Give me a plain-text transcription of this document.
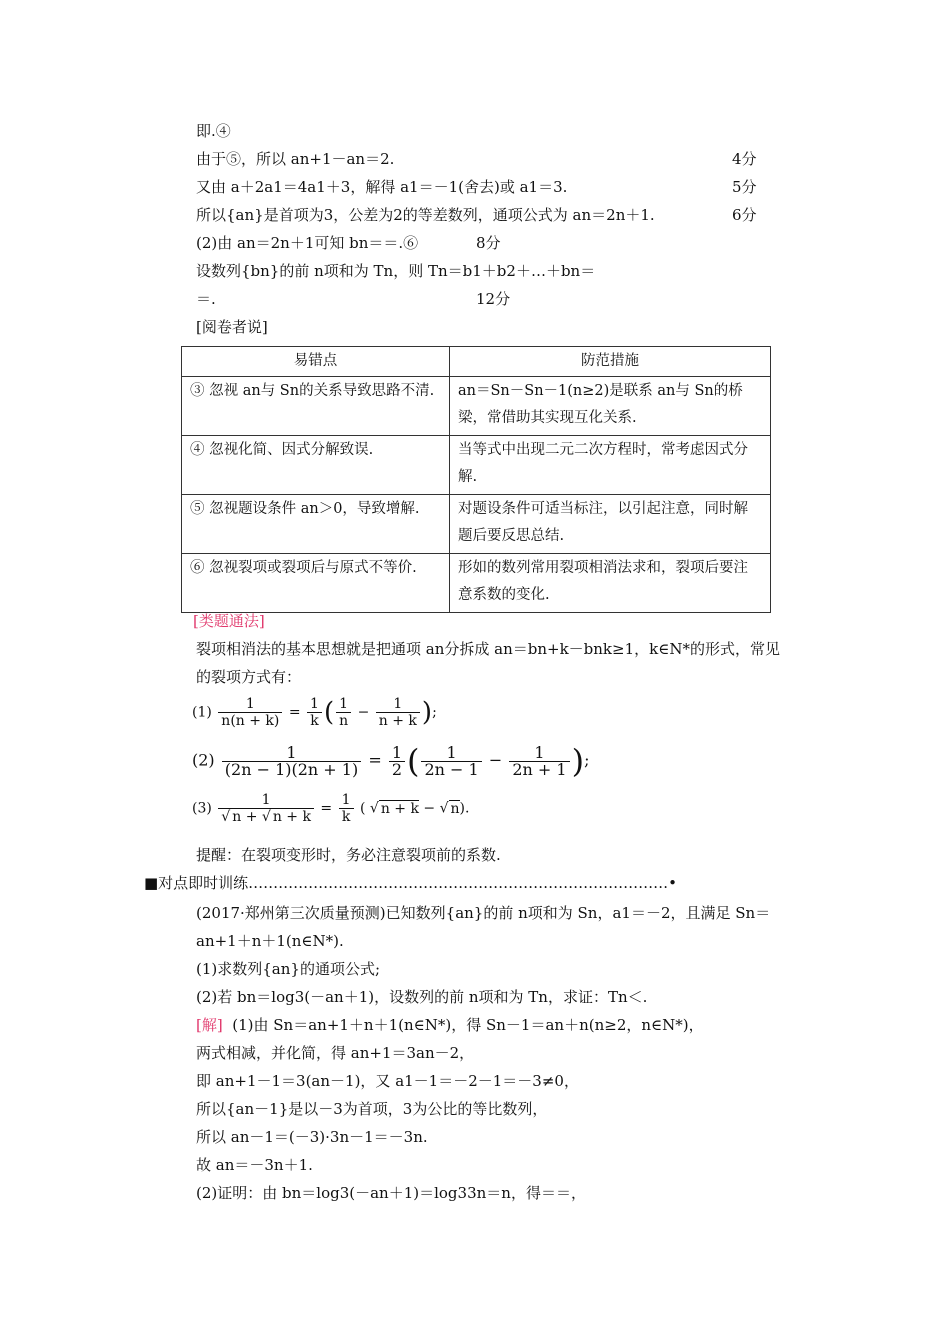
即.④
由于⑤，所以 an+1－an＝2.	4分
又由 a＋2a1＝4a1＋3，解得 a1＝－1(舍去)或 a1＝3.	5分
所以{an}是首项为3，公差为2的等差数列，通项公式为 an＝2n＋1.	6分
(2)由 an＝2n＋1可知 bn＝＝.⑥	8分
设数列{bn}的前 n项和为 Tn，则 Tn＝b1＋b2＋…＋bn＝
＝.	12分
[阅卷者说]
易错点	防范措施
③ 忽视 an与 Sn的关系导致思路不清.	an＝Sn－Sn－1(n≥2)是联系 an与 Sn的桥梁，常借助其实现互化关系.
④ 忽视化简、因式分解致误.	当等式中出现二元二次方程时，常考虑因式分解.
⑤ 忽视题设条件 an＞0，导致增解.	对题设条件可适当标注，以引起注意，同时解题后要反思总结.
⑥ 忽视裂项或裂项后与原式不等价.	形如的数列常用裂项相消法求和，裂项后要注意系数的变化.
[类题通法]
裂项相消法的基本思想就是把通项 an分拆成 an＝bn+k－bnk≥1，k∈N*的形式，常见
的裂项方式有：
$(1) \frac{1}{n(n + k)} = \frac{1}{k}$ ( $\frac{1}{n} - \frac{1}{n + k}$ );
$(2) \frac{1}{(2n - 1)(2n + 1)} = \frac{1}{2}$ ( $\frac{1}{2n - 1} - \frac{1}{2n + 1}$ );
$(3) \frac{1}{√ n + √ n + k} = \frac{1}{k}$ ( √ n + k − √ n).
提醒：在裂项变形时，务必注意裂项前的系数.
■对点即时训练…………………………………………………………………………•
(2017·郑州第三次质量预测)已知数列{an}的前 n项和为 Sn，a1＝－2，且满足 Sn＝
an+1＋n＋1(n∈N*).
(1)求数列{an}的通项公式;
(2)若 bn＝log3(－an＋1)，设数列的前 n项和为 Tn，求证：Tn＜.
[解] (1)由 Sn＝an+1＋n＋1(n∈N*)，得 Sn－1＝an＋n(n≥2，n∈N*)，
两式相减，并化简，得 an+1＝3an－2，
即 an+1－1＝3(an－1)，又 a1－1＝－2－1＝－3≠0，
所以{an－1}是以－3为首项，3为公比的等比数列，
所以 an－1＝(－3)·3n－1＝－3n.
故 an＝－3n＋1.
(2)证明：由 bn＝log3(－an＋1)＝log33n＝n，得＝＝，
